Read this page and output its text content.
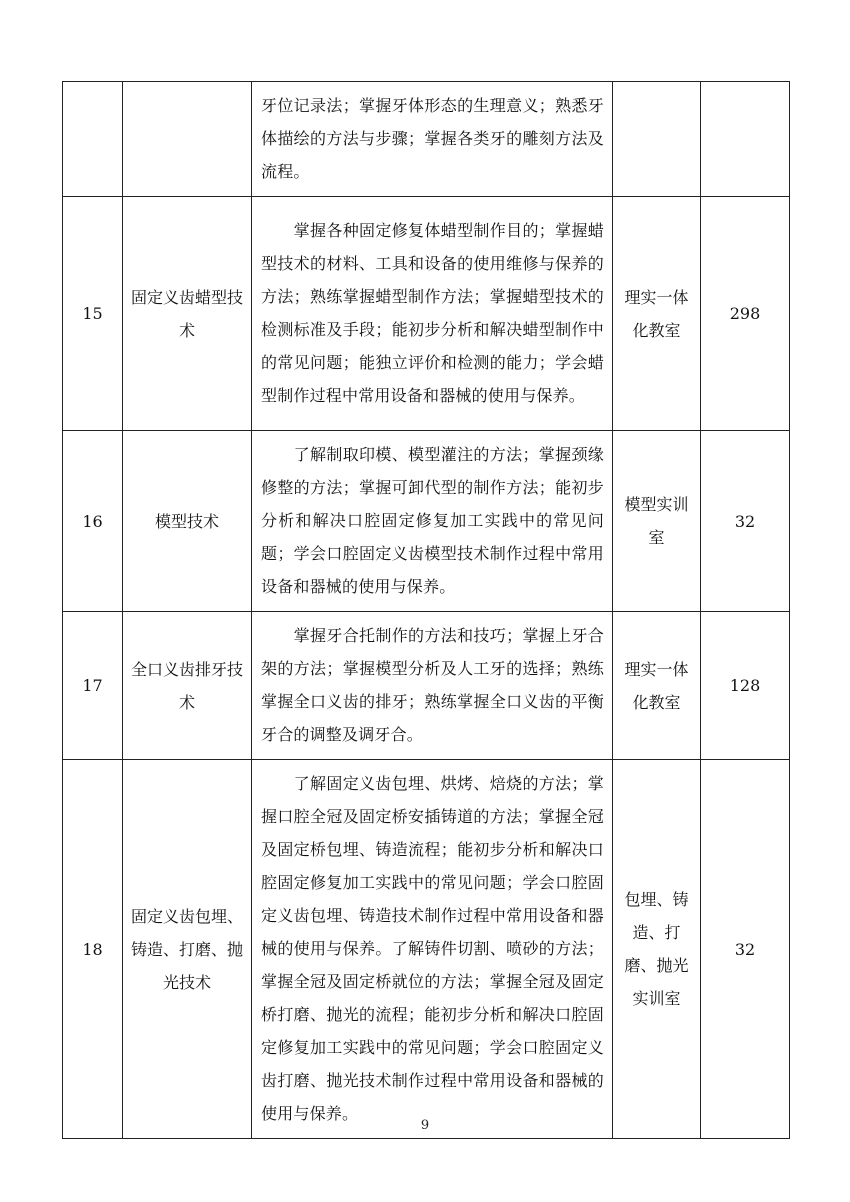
		牙位记录法；掌握牙体形态的生理意义；熟悉牙体描绘的方法与步骤；掌握各类牙的雕刻方法及流程。		

15	固定义齿蜡型技术	　　掌握各种固定修复体蜡型制作目的；掌握蜡型技术的材料、工具和设备的使用维修与保养的方法；熟练掌握蜡型制作方法；掌握蜡型技术的检测标准及手段；能初步分析和解决蜡型制作中的常见问题；能独立评价和检测的能力；学会蜡型制作过程中常用设备和器械的使用与保养。	理实一体化教室	298
16	模型技术	　　了解制取印模、模型灌注的方法；掌握颈缘修整的方法；掌握可卸代型的制作方法；能初步分析和解决口腔固定修复加工实践中的常见问题；学会口腔固定义齿模型技术制作过程中常用设备和器械的使用与保养。	模型实训室	32
17	全口义齿排牙技术	　　掌握牙合托制作的方法和技巧；掌握上牙合架的方法；掌握模型分析及人工牙的选择；熟练掌握全口义齿的排牙；熟练掌握全口义齿的平衡牙合的调整及调牙合。	理实一体化教室	128
18	固定义齿包埋、铸造、打磨、抛光技术	　　了解固定义齿包埋、烘烤、焙烧的方法；掌握口腔全冠及固定桥安插铸道的方法；掌握全冠及固定桥包埋、铸造流程；能初步分析和解决口腔固定修复加工实践中的常见问题；学会口腔固定义齿包埋、铸造技术制作过程中常用设备和器械的使用与保养。了解铸件切割、喷砂的方法；掌握全冠及固定桥就位的方法；掌握全冠及固定桥打磨、抛光的流程；能初步分析和解决口腔固定修复加工实践中的常见问题；学会口腔固定义齿打磨、抛光技术制作过程中常用设备和器械的使用与保养。	包埋、铸造、打磨、抛光实训室	32
9
